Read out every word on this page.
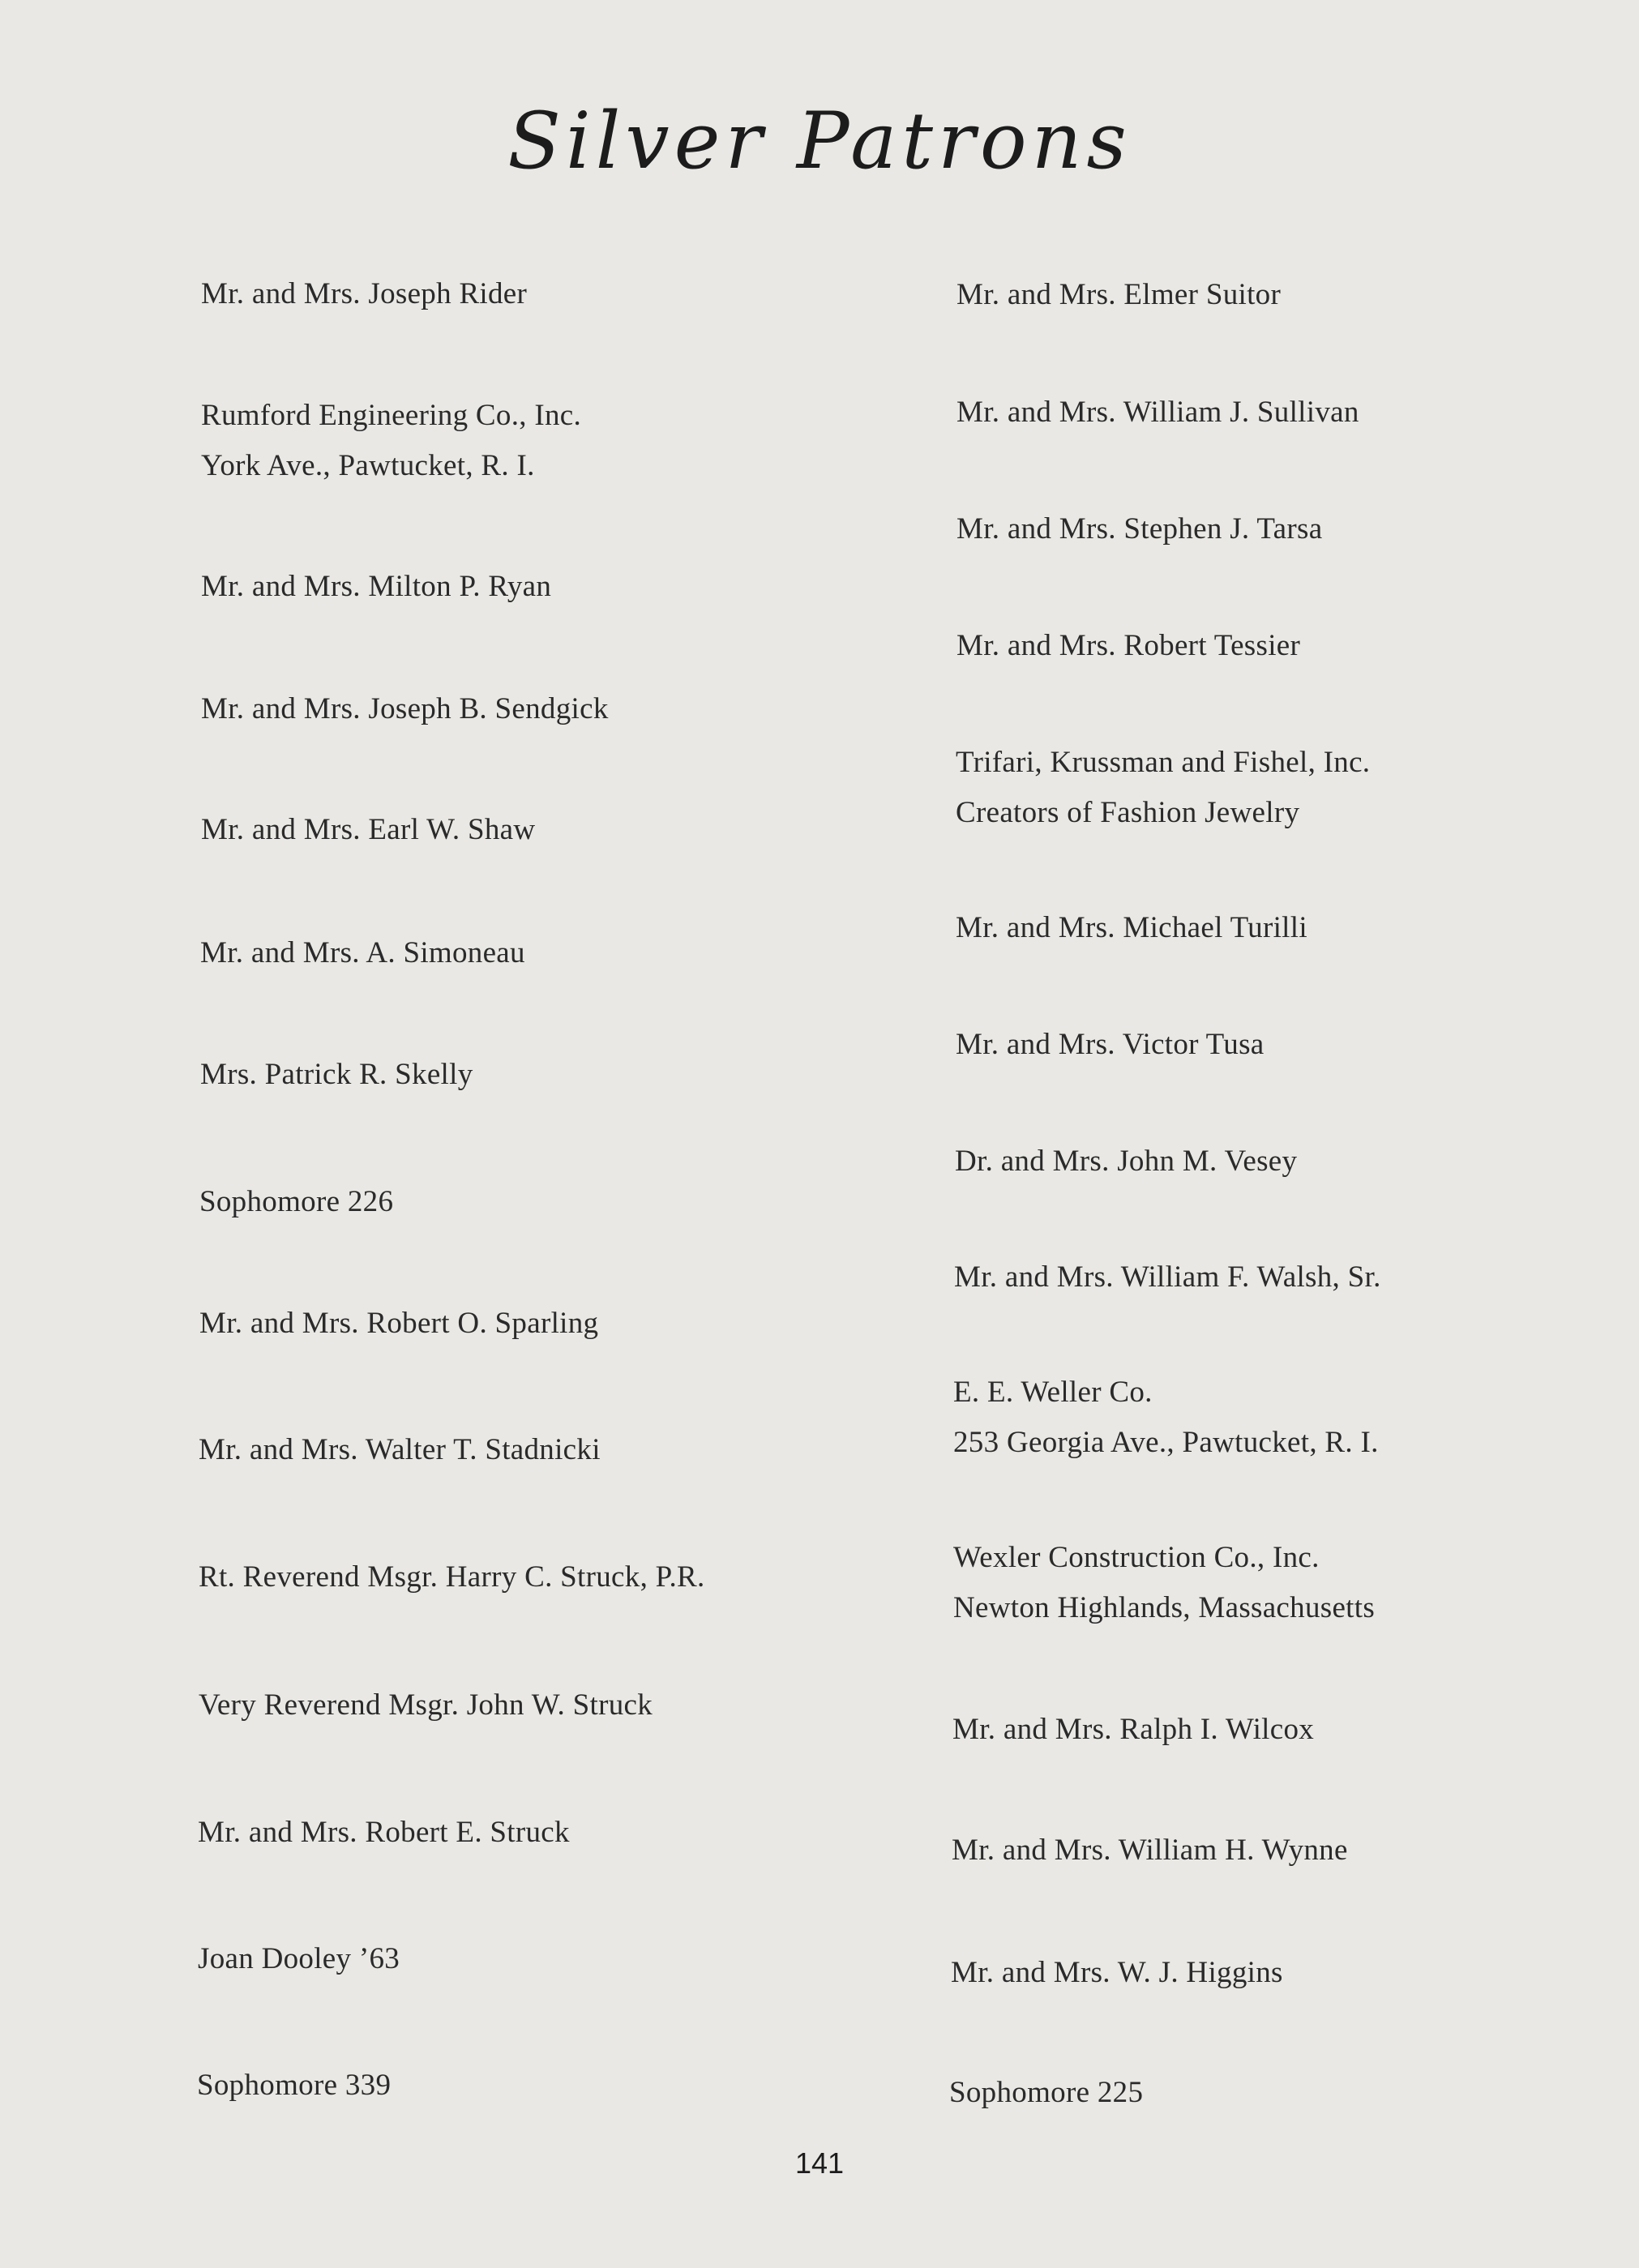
Silver Patrons
Mr. and Mrs. Joseph Rider
Rumford Engineering Co., Inc.
York Ave., Pawtucket, R. I.
Mr. and Mrs. Milton P. Ryan
Mr. and Mrs. Joseph B. Sendgick
Mr. and Mrs. Earl W. Shaw
Mr. and Mrs. A. Simoneau
Mrs. Patrick R. Skelly
Sophomore 226
Mr. and Mrs. Robert O. Sparling
Mr. and Mrs. Walter T. Stadnicki
Rt. Reverend Msgr. Harry C. Struck, P.R.
Very Reverend Msgr. John W. Struck
Mr. and Mrs. Robert E. Struck
Joan Dooley ’63
Sophomore 339
Mr. and Mrs. Elmer Suitor
Mr. and Mrs. William J. Sullivan
Mr. and Mrs. Stephen J. Tarsa
Mr. and Mrs. Robert Tessier
Trifari, Krussman and Fishel, Inc.
Creators of Fashion Jewelry
Mr. and Mrs. Michael Turilli
Mr. and Mrs. Victor Tusa
Dr. and Mrs. John M. Vesey
Mr. and Mrs. William F. Walsh, Sr.
E. E. Weller Co.
253 Georgia Ave., Pawtucket, R. I.
Wexler Construction Co., Inc.
Newton Highlands, Massachusetts
Mr. and Mrs. Ralph I. Wilcox
Mr. and Mrs. William H. Wynne
Mr. and Mrs. W. J. Higgins
Sophomore 225
141
